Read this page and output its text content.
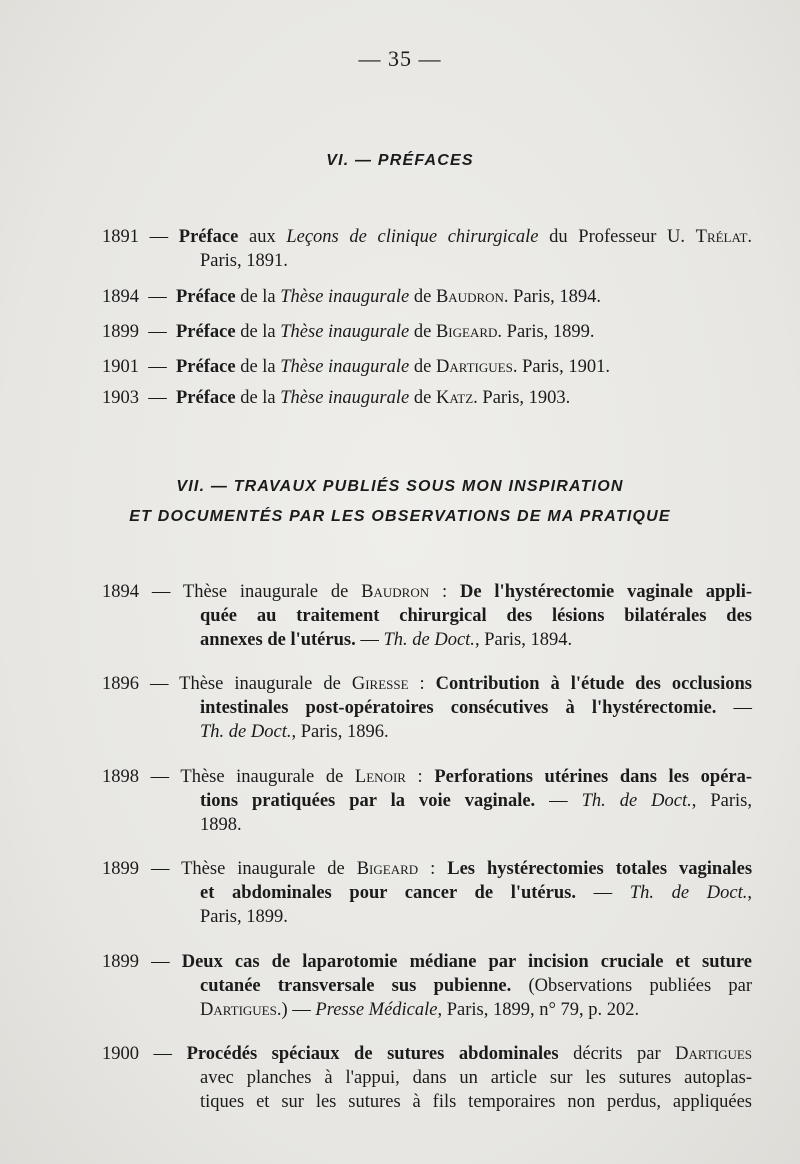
— 35 —
VI. — PRÉFACES
1891 — Préface aux Leçons de clinique chirurgicale du Professeur U. Trélat.
Paris, 1891.
1894 — Préface de la Thèse inaugurale de Baudron. Paris, 1894.
1899 — Préface de la Thèse inaugurale de Bigeard. Paris, 1899.
1901 — Préface de la Thèse inaugurale de Dartigues. Paris, 1901.
1903 — Préface de la Thèse inaugurale de Katz. Paris, 1903.
VII. — TRAVAUX PUBLIÉS SOUS MON INSPIRATION
ET DOCUMENTÉS PAR LES OBSERVATIONS DE MA PRATIQUE
1894 — Thèse inaugurale de Baudron : De l'hystérectomie vaginale appli-
quée au traitement chirurgical des lésions bilatérales des
annexes de l'utérus. — Th. de Doct., Paris, 1894.
1896 — Thèse inaugurale de Giresse : Contribution à l'étude des occlusions
intestinales post-opératoires consécutives à l'hystérectomie. —
Th. de Doct., Paris, 1896.
1898 — Thèse inaugurale de Lenoir : Perforations utérines dans les opéra-
tions pratiquées par la voie vaginale. — Th. de Doct., Paris,
1898.
1899 — Thèse inaugurale de Bigeard : Les hystérectomies totales vaginales
et abdominales pour cancer de l'utérus. — Th. de Doct.,
Paris, 1899.
1899 — Deux cas de laparotomie médiane par incision cruciale et suture
cutanée transversale sus pubienne. (Observations publiées par
Dartigues.) — Presse Médicale, Paris, 1899, n° 79, p. 202.
1900 — Procédés spéciaux de sutures abdominales décrits par Dartigues
avec planches à l'appui, dans un article sur les sutures autoplas-
tiques et sur les sutures à fils temporaires non perdus, appliquées
